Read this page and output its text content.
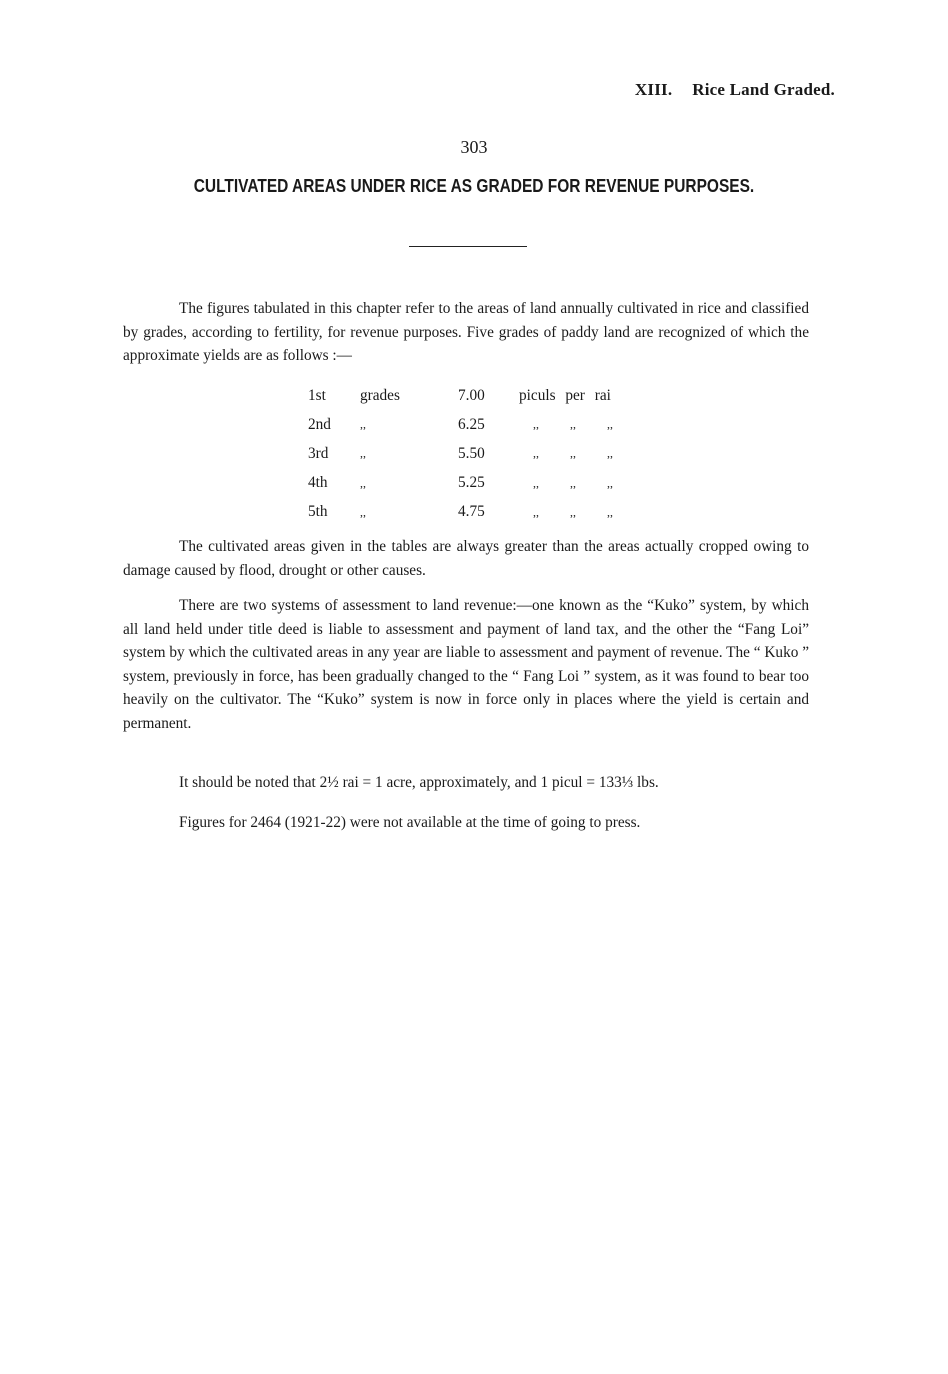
XIII. Rice Land Graded.
303
CULTIVATED AREAS UNDER RICE AS GRADED FOR REVENUE PURPOSES.

The figures tabulated in this chapter refer to the areas of land annually cultivated in rice and classified by grades, according to fertility, for revenue purposes. Five grades of paddy land are recognized of which the approximate yields are as follows :—

1st	grades	7.00	piculs per rai
2nd	,,	6.25	,, ,, ,,
3rd	,,	5.50	,, ,, ,,
4th	,,	5.25	,, ,, ,,
5th	,,	4.75	,, ,, ,,

The cultivated areas given in the tables are always greater than the areas actually cropped owing to damage caused by flood, drought or other causes.

There are two systems of assessment to land revenue:—one known as the “Kuko” system, by which all land held under title deed is liable to assessment and payment of land tax, and the other the “Fang Loi” system by which the cultivated areas in any year are liable to assessment and payment of revenue. The “ Kuko ” system, previously in force, has been gradually changed to the “ Fang Loi ” system, as it was found to bear too heavily on the cultivator. The “Kuko” system is now in force only in places where the yield is certain and permanent.

It should be noted that 2½ rai = 1 acre, approximately, and 1 picul = 133⅓ lbs.

Figures for 2464 (1921-22) were not available at the time of going to press.
